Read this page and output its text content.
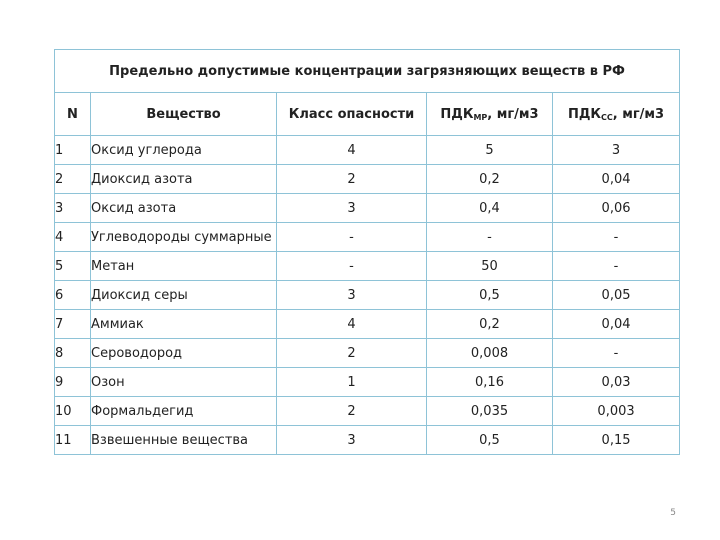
Предельно допустимые концентрации загрязняющих веществ в РФ				
N	Вещество	Класс опасности	$ПДК_{МР}$, мг/м3	$ПДК_{СС}$, мг/м3
1	Оксид углерода	4	5	3
2	Диоксид азота	2	0,2	0,04
3	Оксид азота	3	0,4	0,06
4	Углеводороды суммарные	-	-	-
5	Метан	-	50	-
6	Диоксид серы	3	0,5	0,05
7	Аммиак	4	0,2	0,04
8	Сероводород	2	0,008	-
9	Озон	1	0,16	0,03
10	Формальдегид	2	0,035	0,003
11	Взвешенные вещества	3	0,5	0,15
5
